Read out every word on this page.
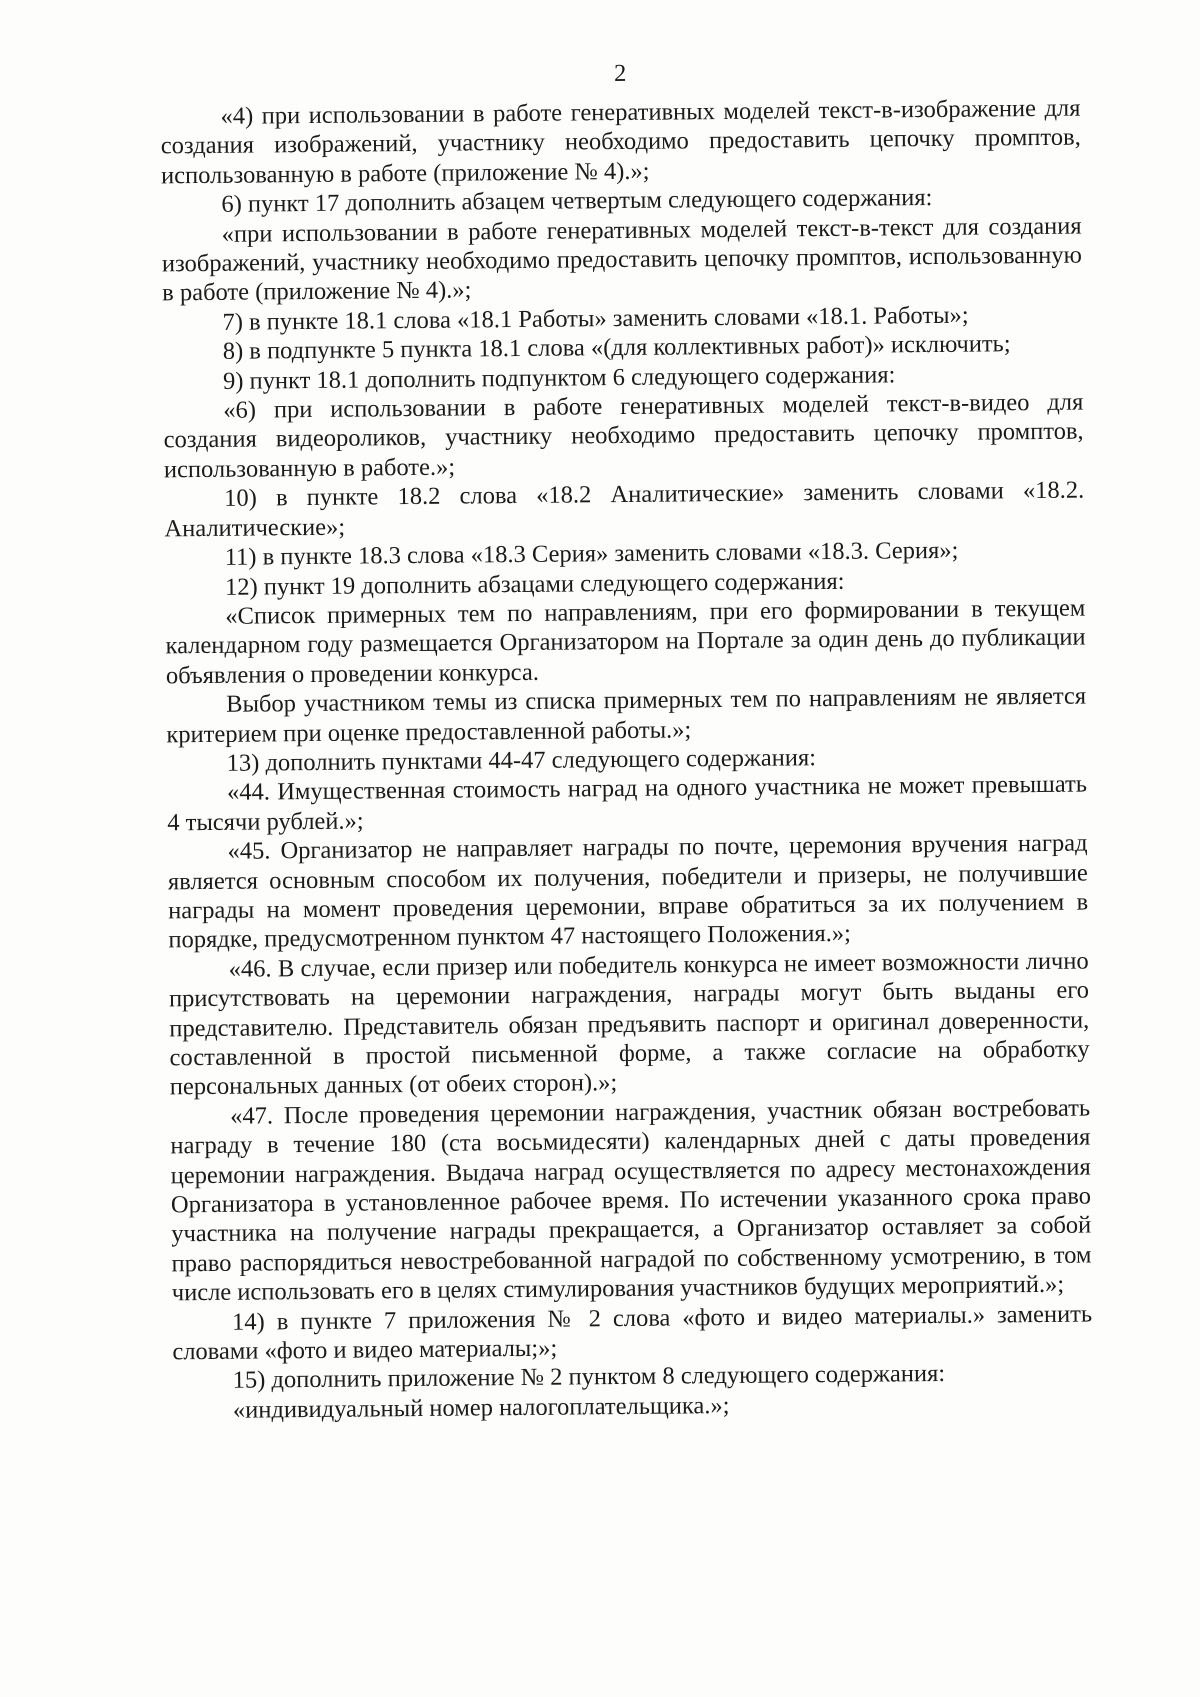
2

«4) при использовании в работе генеративных моделей текст-в-изображение для создания изображений, участнику необходимо предоставить цепочку промптов, использованную в работе (приложение № 4).»;

6) пункт 17 дополнить абзацем четвертым следующего содержания:

«при использовании в работе генеративных моделей текст-в-текст для создания изображений, участнику необходимо предоставить цепочку промптов, использованную в работе (приложение № 4).»;

7) в пункте 18.1 слова «18.1 Работы» заменить словами «18.1. Работы»;

8) в подпункте 5 пункта 18.1 слова «(для коллективных работ)» исключить;

9) пункт 18.1 дополнить подпунктом 6 следующего содержания:

«6) при использовании в работе генеративных моделей текст-в-видео для создания видеороликов, участнику необходимо предоставить цепочку промптов, использованную в работе.»;

10) в пункте 18.2 слова «18.2 Аналитические» заменить словами «18.2. Аналитические»;

11) в пункте 18.3 слова «18.3 Серия» заменить словами «18.3. Серия»;

12) пункт 19 дополнить абзацами следующего содержания:

«Список примерных тем по направлениям, при его формировании в текущем календарном году размещается Организатором на Портале за один день до публикации объявления о проведении конкурса.

Выбор участником темы из списка примерных тем по направлениям не является критерием при оценке предоставленной работы.»;

13) дополнить пунктами 44-47 следующего содержания:

«44. Имущественная стоимость наград на одного участника не может превышать 4 тысячи рублей.»;

«45. Организатор не направляет награды по почте, церемония вручения наград является основным способом их получения, победители и призеры, не получившие награды на момент проведения церемонии, вправе обратиться за их получением в порядке, предусмотренном пунктом 47 настоящего Положения.»;

«46. В случае, если призер или победитель конкурса не имеет возможности лично присутствовать на церемонии награждения, награды могут быть выданы его представителю. Представитель обязан предъявить паспорт и оригинал доверенности, составленной в простой письменной форме, а также согласие на обработку персональных данных (от обеих сторон).»;

«47. После проведения церемонии награждения, участник обязан востребовать награду в течение 180 (ста восьмидесяти) календарных дней с даты проведения церемонии награждения. Выдача наград осуществляется по адресу местонахождения Организатора в установленное рабочее время. По истечении указанного срока право участника на получение награды прекращается, а Организатор оставляет за собой право распорядиться невостребованной наградой по собственному усмотрению, в том числе использовать его в целях стимулирования участников будущих мероприятий.»;

14) в пункте 7 приложения № 2 слова «фото и видео материалы.» заменить словами «фото и видео материалы;»;

15) дополнить приложение № 2 пунктом 8 следующего содержания:

«индивидуальный номер налогоплательщика.»;
